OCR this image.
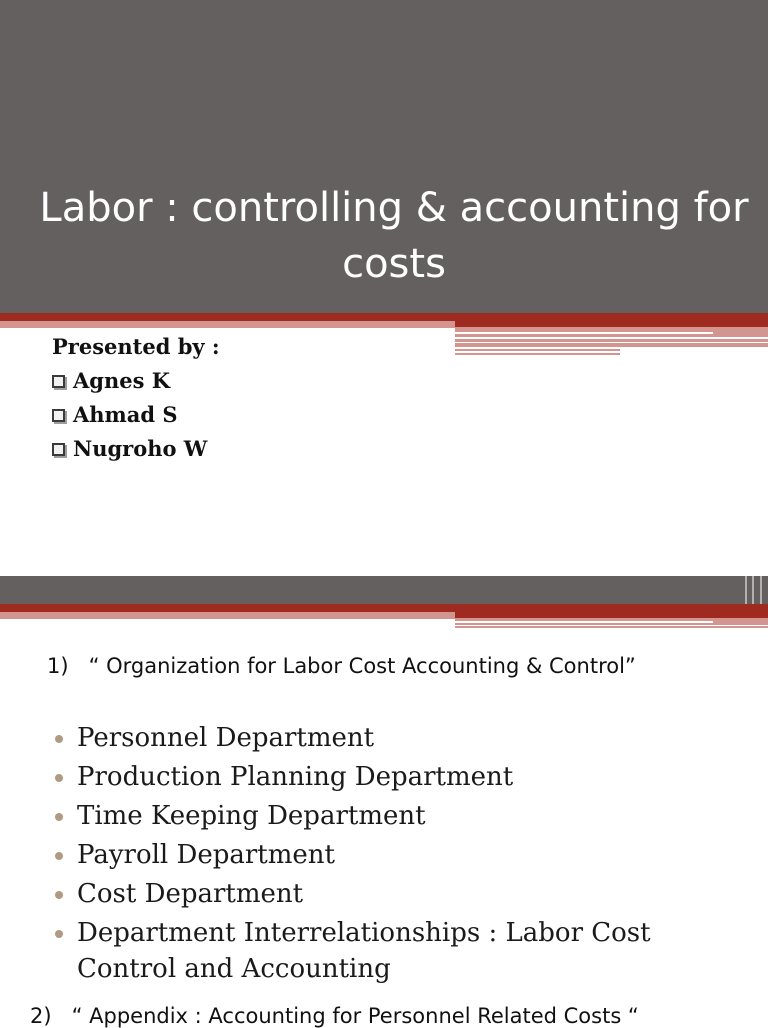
Labor : controlling & accounting for costs
Presented by :
Agnes K
Ahmad S
Nugroho W
1)   “ Organization for Labor Cost Accounting & Control”
Personnel Department
Production Planning Department
Time Keeping Department
Payroll Department
Cost Department
Department Interrelationships : Labor Cost Control and Accounting
2)   “ Appendix : Accounting for Personnel Related Costs “
